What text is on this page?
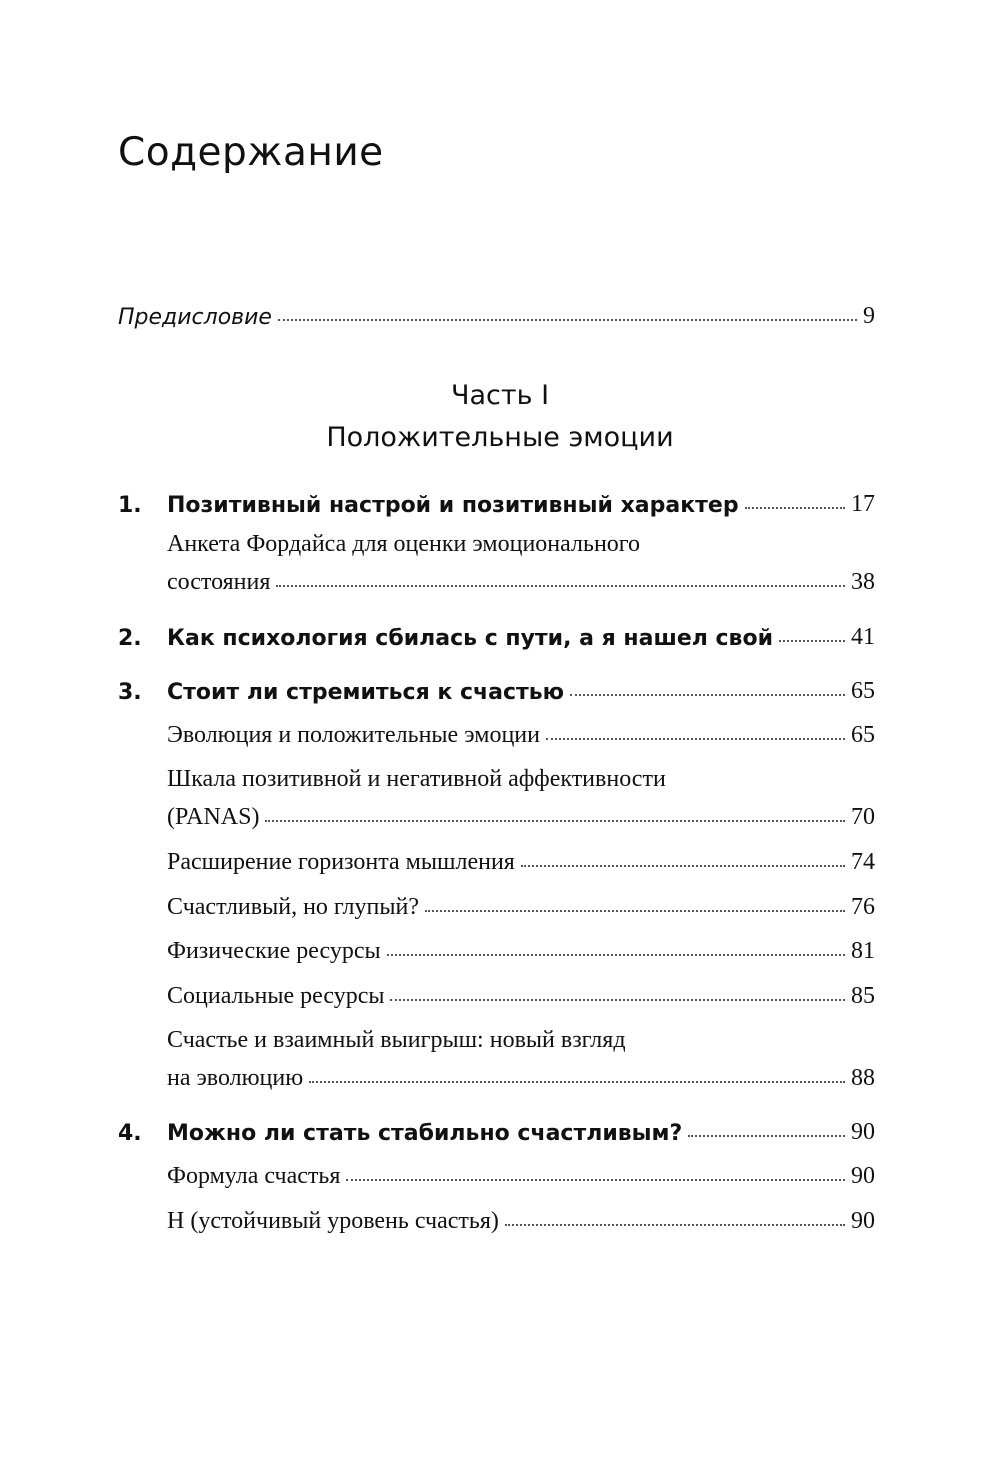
Содержание
Предисловие	9
Часть I
Положительные эмоции
1. Позитивный настрой и позитивный характер	17
Анкета Фордайса для оценки эмоционального
состояния	38
2. Как психология сбилась с пути, а я нашел свой	41
3. Стоит ли стремиться к счастью	65
Эволюция и положительные эмоции	65
Шкала позитивной и негативной аффективности
(PANAS)	70
Расширение горизонта мышления	74
Счастливый, но глупый?	76
Физические ресурсы	81
Социальные ресурсы	85
Счастье и взаимный выигрыш: новый взгляд
на эволюцию	88
4. Можно ли стать стабильно счастливым?	90
Формула счастья	90
Н (устойчивый уровень счастья)	90
